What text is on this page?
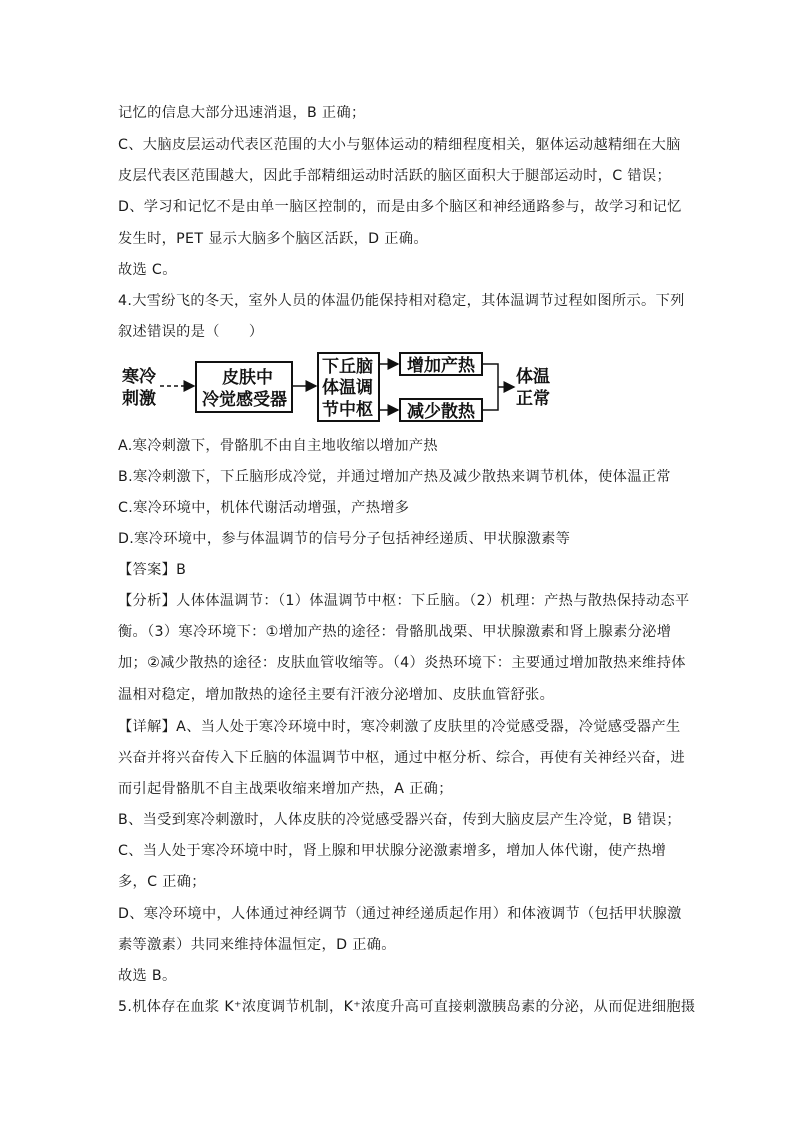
记忆的信息大部分迅速消退，B 正确；
C、大脑皮层运动代表区范围的大小与躯体运动的精细程度相关，躯体运动越精细在大脑
皮层代表区范围越大，因此手部精细运动时活跃的脑区面积大于腿部运动时，C 错误；
D、学习和记忆不是由单一脑区控制的，而是由多个脑区和神经通路参与，故学习和记忆
发生时，PET 显示大脑多个脑区活跃，D 正确。
故选 C。
4.大雪纷飞的冬天，室外人员的体温仍能保持相对稳定，其体温调节过程如图所示。下列
叙述错误的是（　　）
寒冷
刺激
皮肤中
冷觉感受器
下丘脑
体温调
节中枢
增加产热
减少散热
体温
正常
A.寒冷刺激下，骨骼肌不由自主地收缩以增加产热
B.寒冷刺激下，下丘脑形成冷觉，并通过增加产热及减少散热来调节机体，使体温正常
C.寒冷环境中，机体代谢活动增强，产热增多
D.寒冷环境中，参与体温调节的信号分子包括神经递质、甲状腺激素等
【答案】B
【分析】人体体温调节：（1）体温调节中枢：下丘脑。（2）机理：产热与散热保持动态平
衡。（3）寒冷环境下：①增加产热的途径：骨骼肌战栗、甲状腺激素和肾上腺素分泌增
加；②减少散热的途径：皮肤血管收缩等。（4）炎热环境下：主要通过增加散热来维持体
温相对稳定，增加散热的途径主要有汗液分泌增加、皮肤血管舒张。
【详解】A、当人处于寒冷环境中时，寒冷刺激了皮肤里的冷觉感受器，冷觉感受器产生
兴奋并将兴奋传入下丘脑的体温调节中枢，通过中枢分析、综合，再使有关神经兴奋，进
而引起骨骼肌不自主战栗收缩来增加产热，A 正确；
B、当受到寒冷刺激时，人体皮肤的冷觉感受器兴奋，传到大脑皮层产生冷觉，B 错误；
C、当人处于寒冷环境中时，肾上腺和甲状腺分泌激素增多，增加人体代谢，使产热增
多，C 正确；
D、寒冷环境中，人体通过神经调节（通过神经递质起作用）和体液调节（包括甲状腺激
素等激素）共同来维持体温恒定，D 正确。
故选 B。
5.机体存在血浆 K⁺浓度调节机制，K⁺浓度升高可直接刺激胰岛素的分泌，从而促进细胞摄
